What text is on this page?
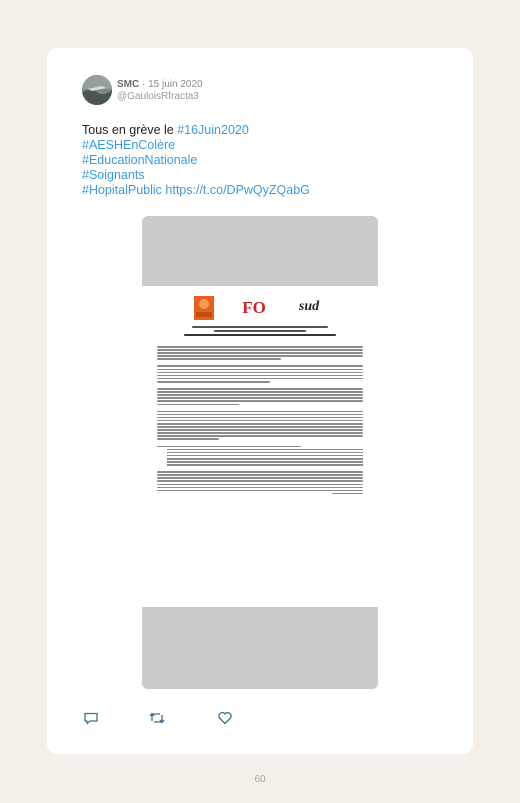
SMC · 15 juin 2020
@GauloisRfracta3
Tous en grève le #16Juin2020
#AESHEnColère
#EducationNationale
#Soignants
#HopitalPublic https://t.co/DPwQyZQabG
FO	sud
60
